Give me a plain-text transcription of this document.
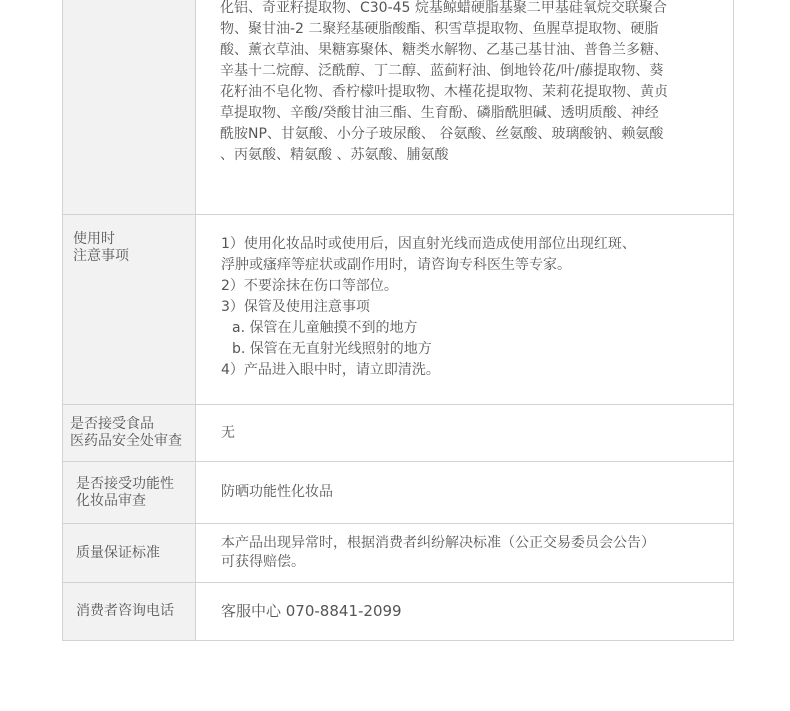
化铝、奇亚籽提取物、C30-45 烷基鲸蜡硬脂基聚二甲基硅氧烷交联聚合
物、聚甘油-2 二聚羟基硬脂酸酯、积雪草提取物、鱼腥草提取物、硬脂
酸、薰衣草油、果糖寡聚体、糖类水解物、乙基己基甘油、普鲁兰多糖、
辛基十二烷醇、泛酰醇、丁二醇、蓝蓟籽油、倒地铃花/叶/藤提取物、葵
花籽油不皂化物、香柠檬叶提取物、木槿花提取物、茉莉花提取物、黄贞
草提取物、辛酸/癸酸甘油三酯、生育酚、磷脂酰胆碱、透明质酸、神经
酰胺NP、甘氨酸、小分子玻尿酸、 谷氨酸、丝氨酸、玻璃酸钠、赖氨酸
、丙氨酸、精氨酸 、苏氨酸、脯氨酸
使用时
注意事项
1）使用化妆品时或使用后，因直射光线而造成使用部位出现红斑、
浮肿或瘙痒等症状或副作用时，请咨询专科医生等专家。
2）不要涂抹在伤口等部位。
3）保管及使用注意事项
a. 保管在儿童触摸不到的地方
b. 保管在无直射光线照射的地方
4）产品进入眼中时，请立即清洗。
是否接受食品
医药品安全处审查
无
是否接受功能性
化妆品审查
防晒功能性化妆品
质量保证标准
本产品出现异常时，根据消费者纠纷解决标准（公正交易委员会公告）
可获得赔偿。
消费者咨询电话	客服中心 070-8841-2099
